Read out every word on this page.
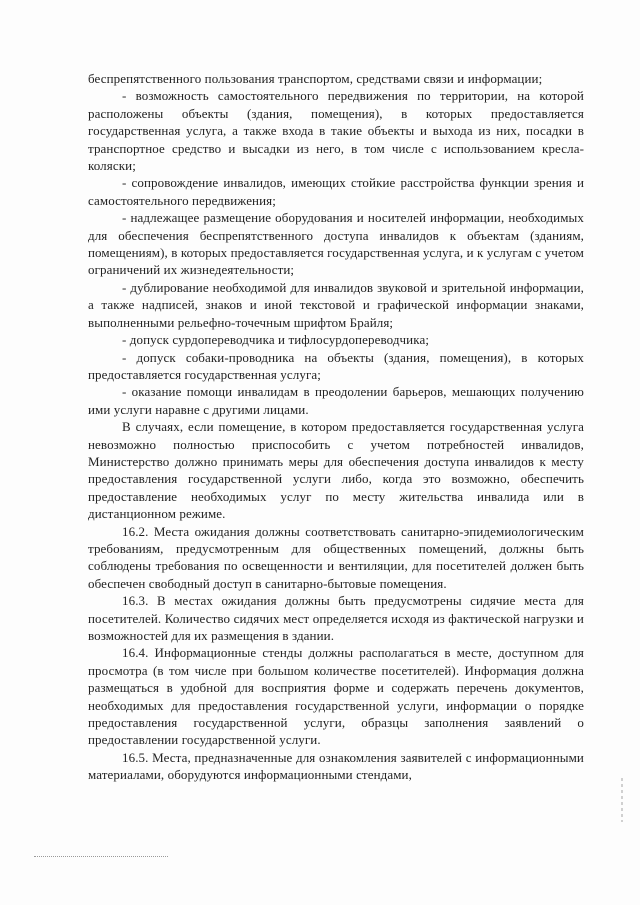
беспрепятственного пользования транспортом, средствами связи и информации;

- возможность самостоятельного передвижения по территории, на которой расположены объекты (здания, помещения), в которых предоставляется государственная услуга, а также входа в такие объекты и выхода из них, посадки в транспортное средство и высадки из него, в том числе с использованием кресла-коляски;

- сопровождение инвалидов, имеющих стойкие расстройства функции зрения и самостоятельного передвижения;

- надлежащее размещение оборудования и носителей информации, необходимых для обеспечения беспрепятственного доступа инвалидов к объектам (зданиям, помещениям), в которых предоставляется государственная услуга, и к услугам с учетом ограничений их жизнедеятельности;

- дублирование необходимой для инвалидов звуковой и зрительной информации, а также надписей, знаков и иной текстовой и графической информации знаками, выполненными рельефно-точечным шрифтом Брайля;

- допуск сурдопереводчика и тифлосурдопереводчика;

- допуск собаки-проводника на объекты (здания, помещения), в которых предоставляется государственная услуга;

- оказание помощи инвалидам в преодолении барьеров, мешающих получению ими услуги наравне с другими лицами.

В случаях, если помещение, в котором предоставляется государственная услуга невозможно полностью приспособить с учетом потребностей инвалидов, Министерство должно принимать меры для обеспечения доступа инвалидов к месту предоставления государственной услуги либо, когда это возможно, обеспечить предоставление необходимых услуг по месту жительства инвалида или в дистанционном режиме.

16.2. Места ожидания должны соответствовать санитарно-эпидемиологическим требованиям, предусмотренным для общественных помещений, должны быть соблюдены требования по освещенности и вентиляции, для посетителей должен быть обеспечен свободный доступ в санитарно-бытовые помещения.

16.3. В местах ожидания должны быть предусмотрены сидячие места для посетителей. Количество сидячих мест определяется исходя из фактической нагрузки и возможностей для их размещения в здании.

16.4. Информационные стенды должны располагаться в месте, доступном для просмотра (в том числе при большом количестве посетителей). Информация должна размещаться в удобной для восприятия форме и содержать перечень документов, необходимых для предоставления государственной услуги, информации о порядке предоставления государственной услуги, образцы заполнения заявлений о предоставлении государственной услуги.

16.5. Места, предназначенные для ознакомления заявителей с информационными материалами, оборудуются информационными стендами,
